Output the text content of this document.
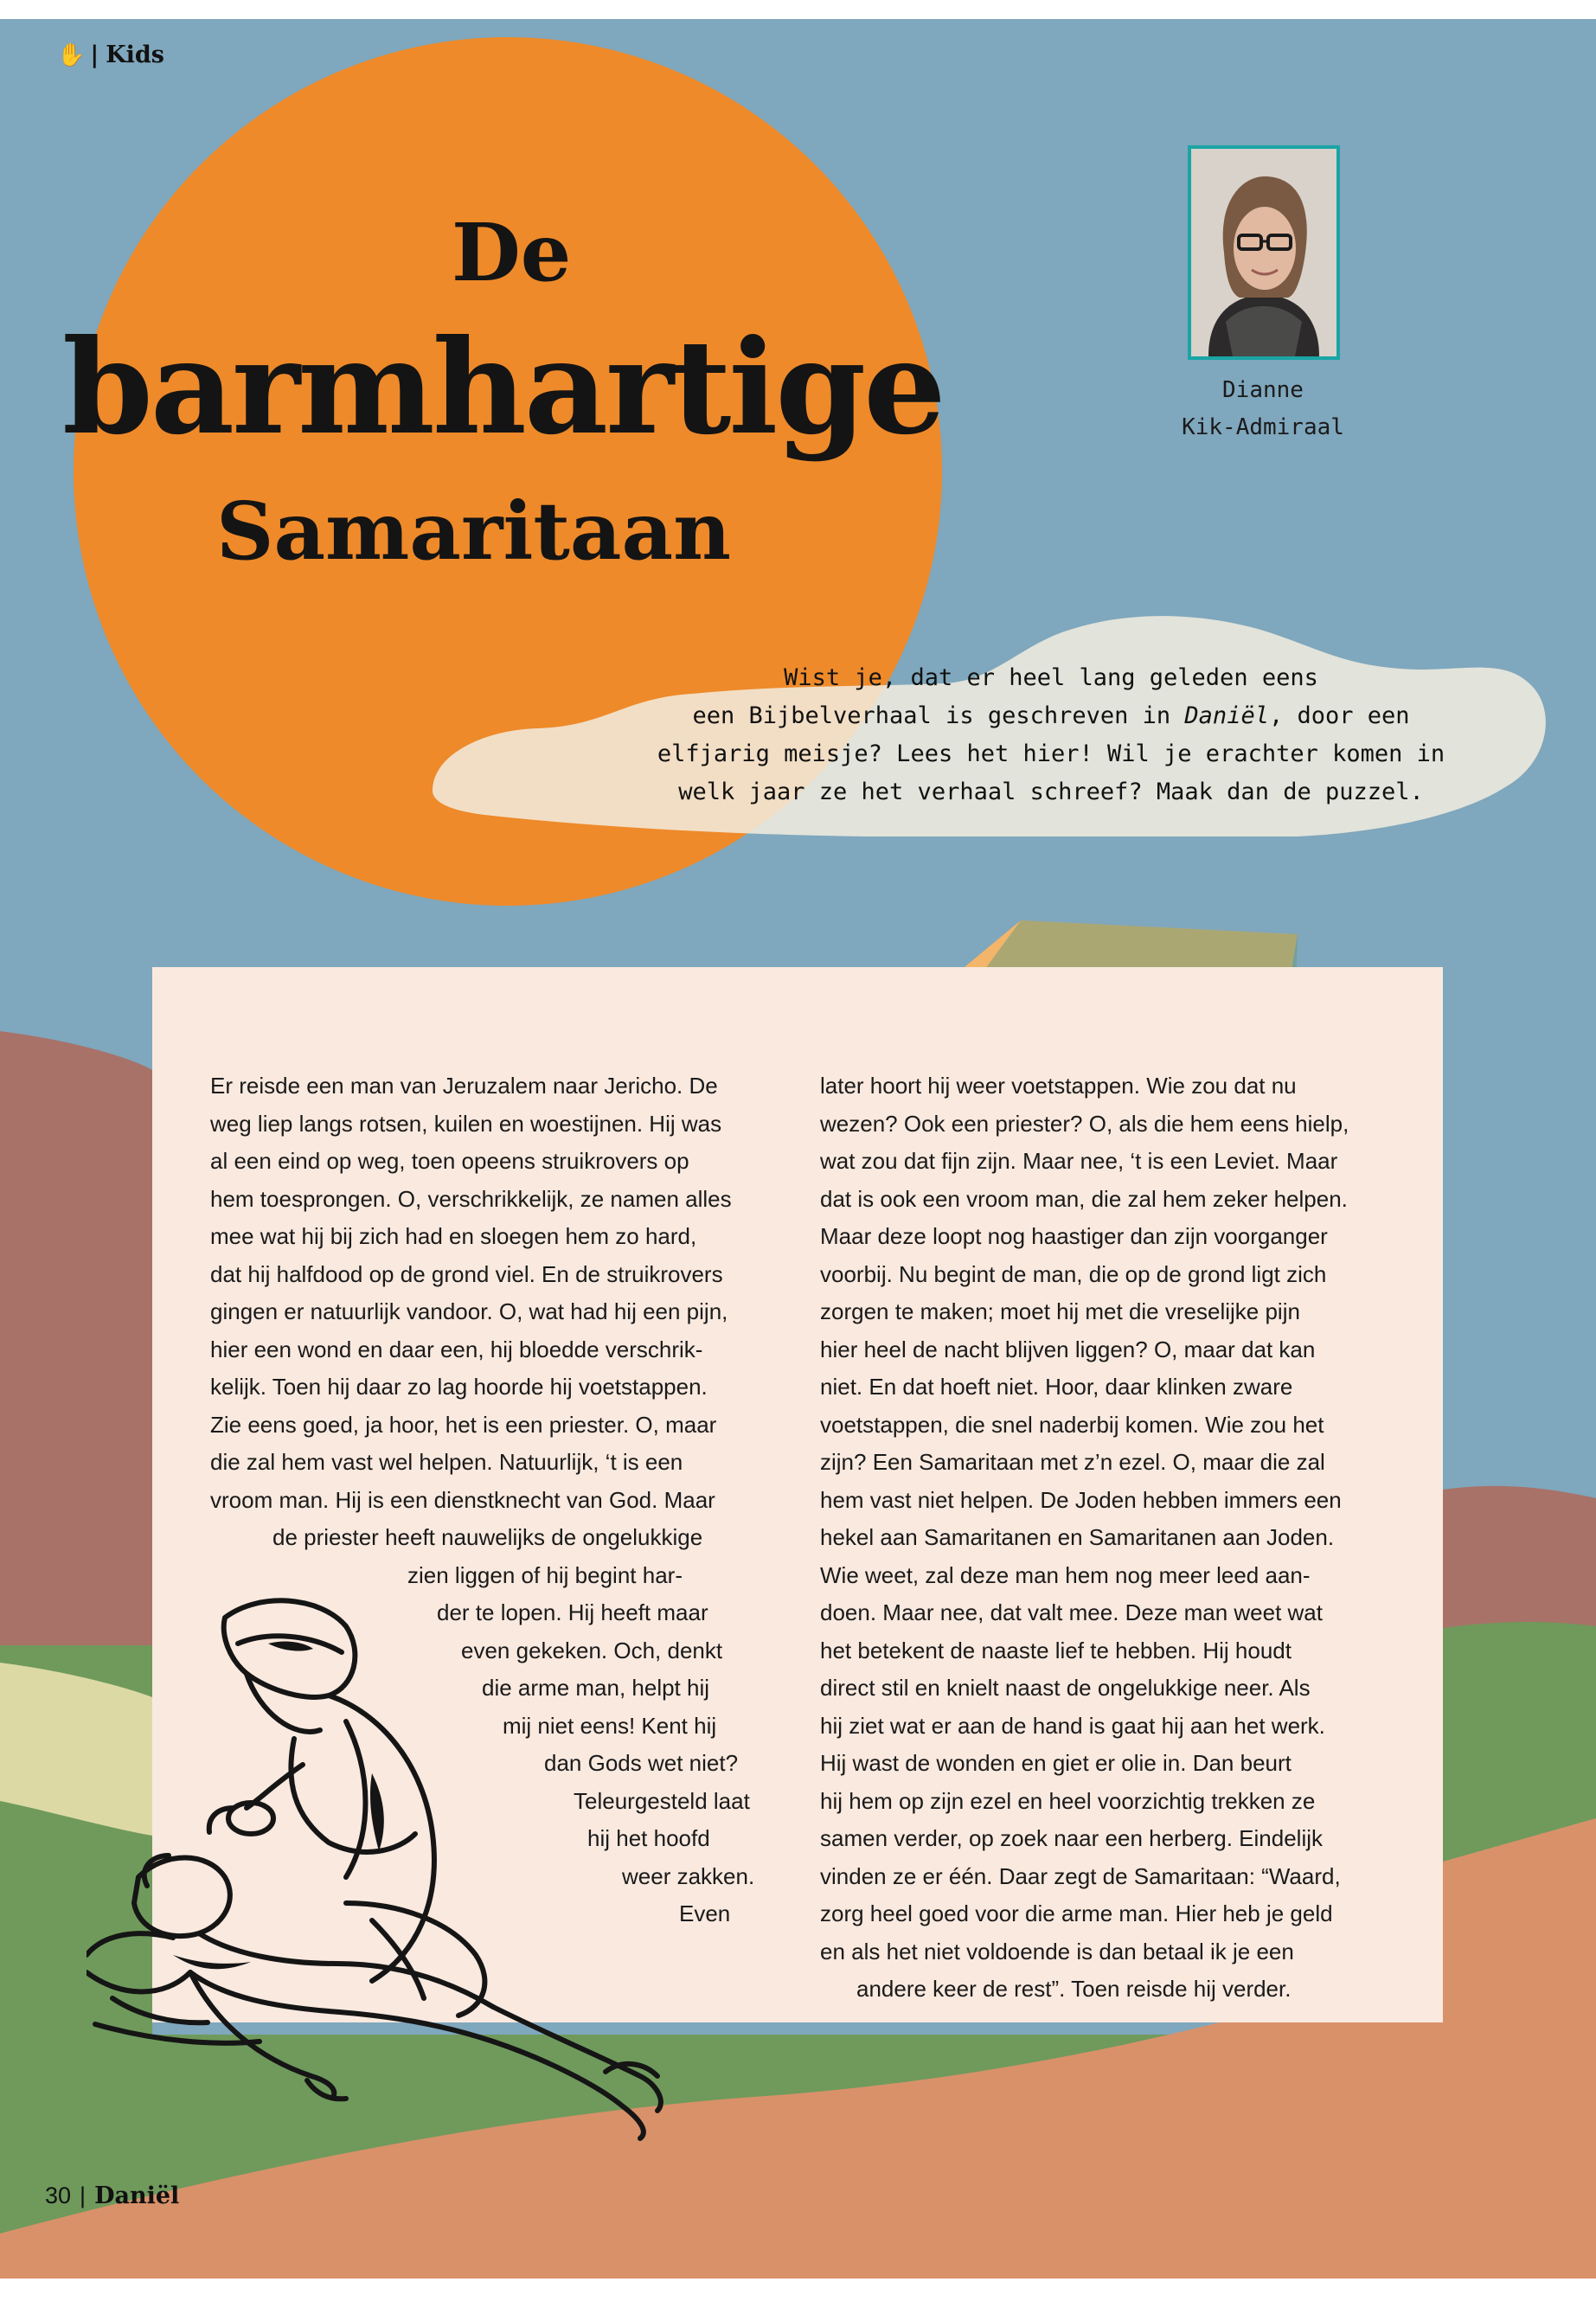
✋ | Kids
De
barmhartige
Samaritaan
Dianne
Kik-Admiraal
Wist je, dat er heel lang geleden eens
een Bijbelverhaal is geschreven in Daniël, door een
elfjarig meisje? Lees het hier! Wil je erachter komen in
welk jaar ze het verhaal schreef? Maak dan de puzzel.
Er reisde een man van Jeruzalem naar Jericho. De
weg liep langs rotsen, kuilen en woestijnen. Hij was
al een eind op weg, toen opeens struikrovers op
hem toesprongen. O, verschrikkelijk, ze namen alles
mee wat hij bij zich had en sloegen hem zo hard,
dat hij halfdood op de grond viel. En de struikrovers
gingen er natuurlijk vandoor. O, wat had hij een pijn,
hier een wond en daar een, hij bloedde verschrik-
kelijk. Toen hij daar zo lag hoorde hij voetstappen.
Zie eens goed, ja hoor, het is een priester. O, maar
die zal hem vast wel helpen. Natuurlijk, ‘t is een
vroom man. Hij is een dienstknecht van God. Maar
de priester heeft nauwelijks de ongelukkige
zien liggen of hij begint har-
der te lopen. Hij heeft maar
even gekeken. Och, denkt
die arme man, helpt hij
mij niet eens! Kent hij
dan Gods wet niet?
Teleurgesteld laat
hij het hoofd
weer zakken.
Even
later hoort hij weer voetstappen. Wie zou dat nu
wezen? Ook een priester? O, als die hem eens hielp,
wat zou dat fijn zijn. Maar nee, ‘t is een Leviet. Maar
dat is ook een vroom man, die zal hem zeker helpen.
Maar deze loopt nog haastiger dan zijn voorganger
voorbij. Nu begint de man, die op de grond ligt zich
zorgen te maken; moet hij met die vreselijke pijn
hier heel de nacht blijven liggen? O, maar dat kan
niet. En dat hoeft niet. Hoor, daar klinken zware
voetstappen, die snel naderbij komen. Wie zou het
zijn? Een Samaritaan met z’n ezel. O, maar die zal
hem vast niet helpen. De Joden hebben immers een
hekel aan Samaritanen en Samaritanen aan Joden.
Wie weet, zal deze man hem nog meer leed aan-
doen. Maar nee, dat valt mee. Deze man weet wat
het betekent de naaste lief te hebben. Hij houdt
direct stil en knielt naast de ongelukkige neer. Als
hij ziet wat er aan de hand is gaat hij aan het werk.
Hij wast de wonden en giet er olie in. Dan beurt
hij hem op zijn ezel en heel voorzichtig trekken ze
samen verder, op zoek naar een herberg. Eindelijk
vinden ze er één. Daar zegt de Samaritaan: “Waard,
zorg heel goed voor die arme man. Hier heb je geld
en als het niet voldoende is dan betaal ik je een
andere keer de rest”. Toen reisde hij verder.
30 | Daniël
